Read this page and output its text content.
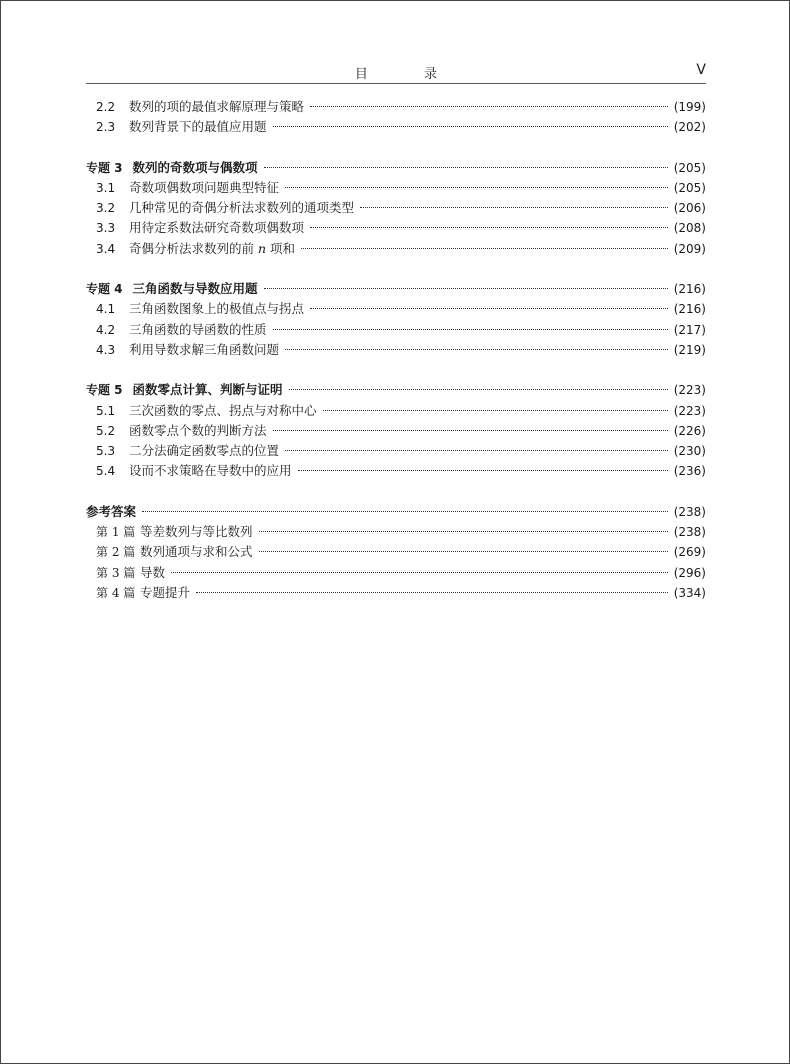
目 录	V
2.2	数列的项的最值求解原理与策略	(199)
2.3	数列背景下的最值应用题	(202)
专题 3 数列的奇数项与偶数项	(205)
3.1	奇数项偶数项问题典型特征	(205)
3.2	几种常见的奇偶分析法求数列的通项类型	(206)
3.3	用待定系数法研究奇数项偶数项	(208)
3.4	奇偶分析法求数列的前 n 项和	(209)
专题 4 三角函数与导数应用题	(216)
4.1	三角函数图象上的极值点与拐点	(216)
4.2	三角函数的导函数的性质	(217)
4.3	利用导数求解三角函数问题	(219)
专题 5 函数零点计算、判断与证明	(223)
5.1	三次函数的零点、拐点与对称中心	(223)
5.2	函数零点个数的判断方法	(226)
5.3	二分法确定函数零点的位置	(230)
5.4	设而不求策略在导数中的应用	(236)
参考答案	(238)
第 1 篇 等差数列与等比数列	(238)
第 2 篇 数列通项与求和公式	(269)
第 3 篇 导数	(296)
第 4 篇 专题提升	(334)
